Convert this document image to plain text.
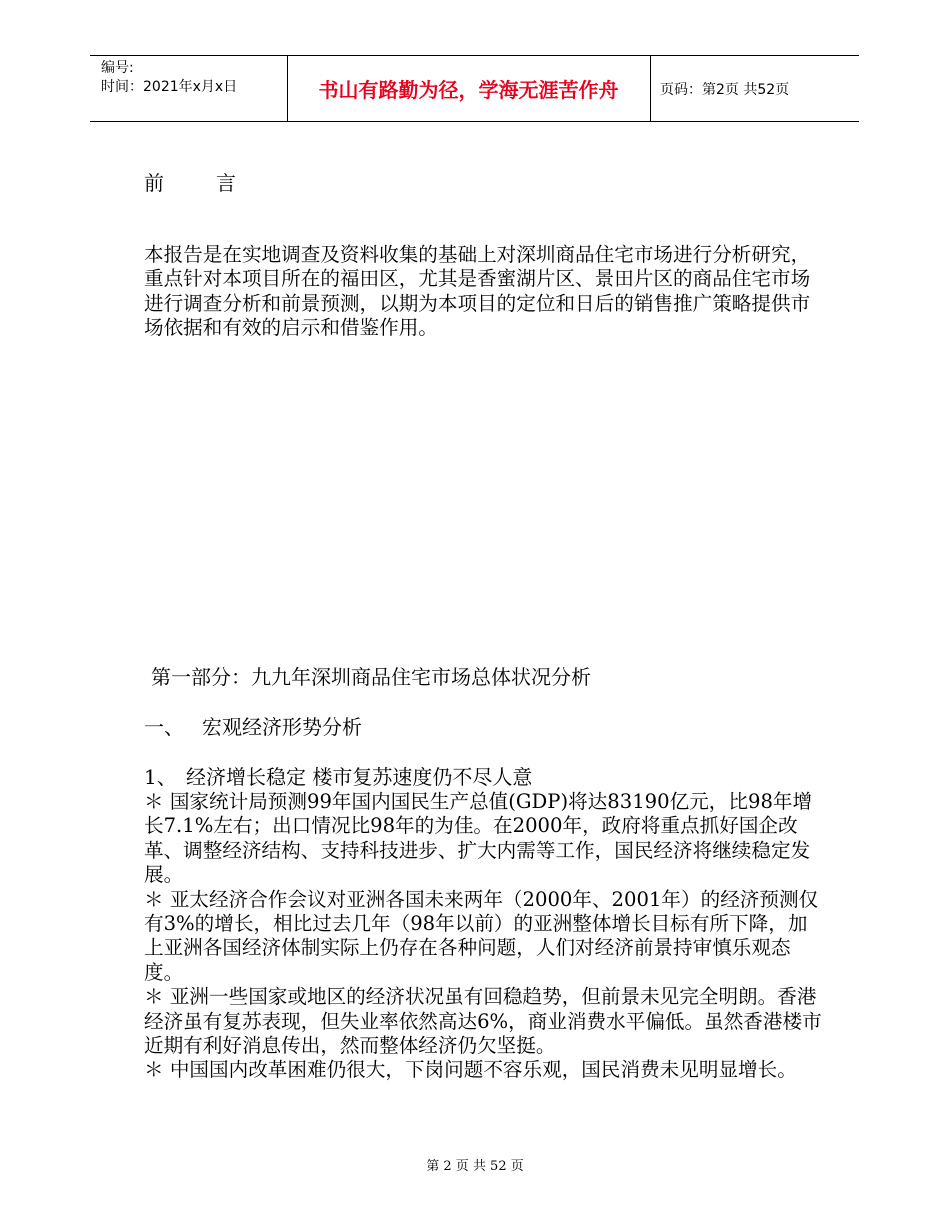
编号:
时间：2021年x月x日	书山有路勤为径，学海无涯苦作舟	页码：第2页 共52页
前言
本报告是在实地调查及资料收集的基础上对深圳商品住宅市场进行分析研究，重点针对本项目所在的福田区，尤其是香蜜湖片区、景田片区的商品住宅市场进行调查分析和前景预测，以期为本项目的定位和日后的销售推广策略提供市场依据和有效的启示和借鉴作用。
第一部分：九九年深圳商品住宅市场总体状况分析
一、 宏观经济形势分析
1、 经济增长稳定 楼市复苏速度仍不尽人意

＊ 国家统计局预测99年国内国民生产总值(GDP)将达83190亿元，比98年增长7.1%左右；出口情况比98年的为佳。在2000年，政府将重点抓好国企改革、调整经济结构、支持科技进步、扩大内需等工作，国民经济将继续稳定发展。

＊ 亚太经济合作会议对亚洲各国未来两年（2000年、2001年）的经济预测仅有3%的增长，相比过去几年（98年以前）的亚洲整体增长目标有所下降，加上亚洲各国经济体制实际上仍存在各种问题，人们对经济前景持审慎乐观态度。

＊ 亚洲一些国家或地区的经济状况虽有回稳趋势，但前景未见完全明朗。香港经济虽有复苏表现，但失业率依然高达6%，商业消费水平偏低。虽然香港楼市近期有利好消息传出，然而整体经济仍欠坚挺。

＊ 中国国内改革困难仍很大，下岗问题不容乐观，国民消费未见明显增长。

第 2 页 共 52 页
